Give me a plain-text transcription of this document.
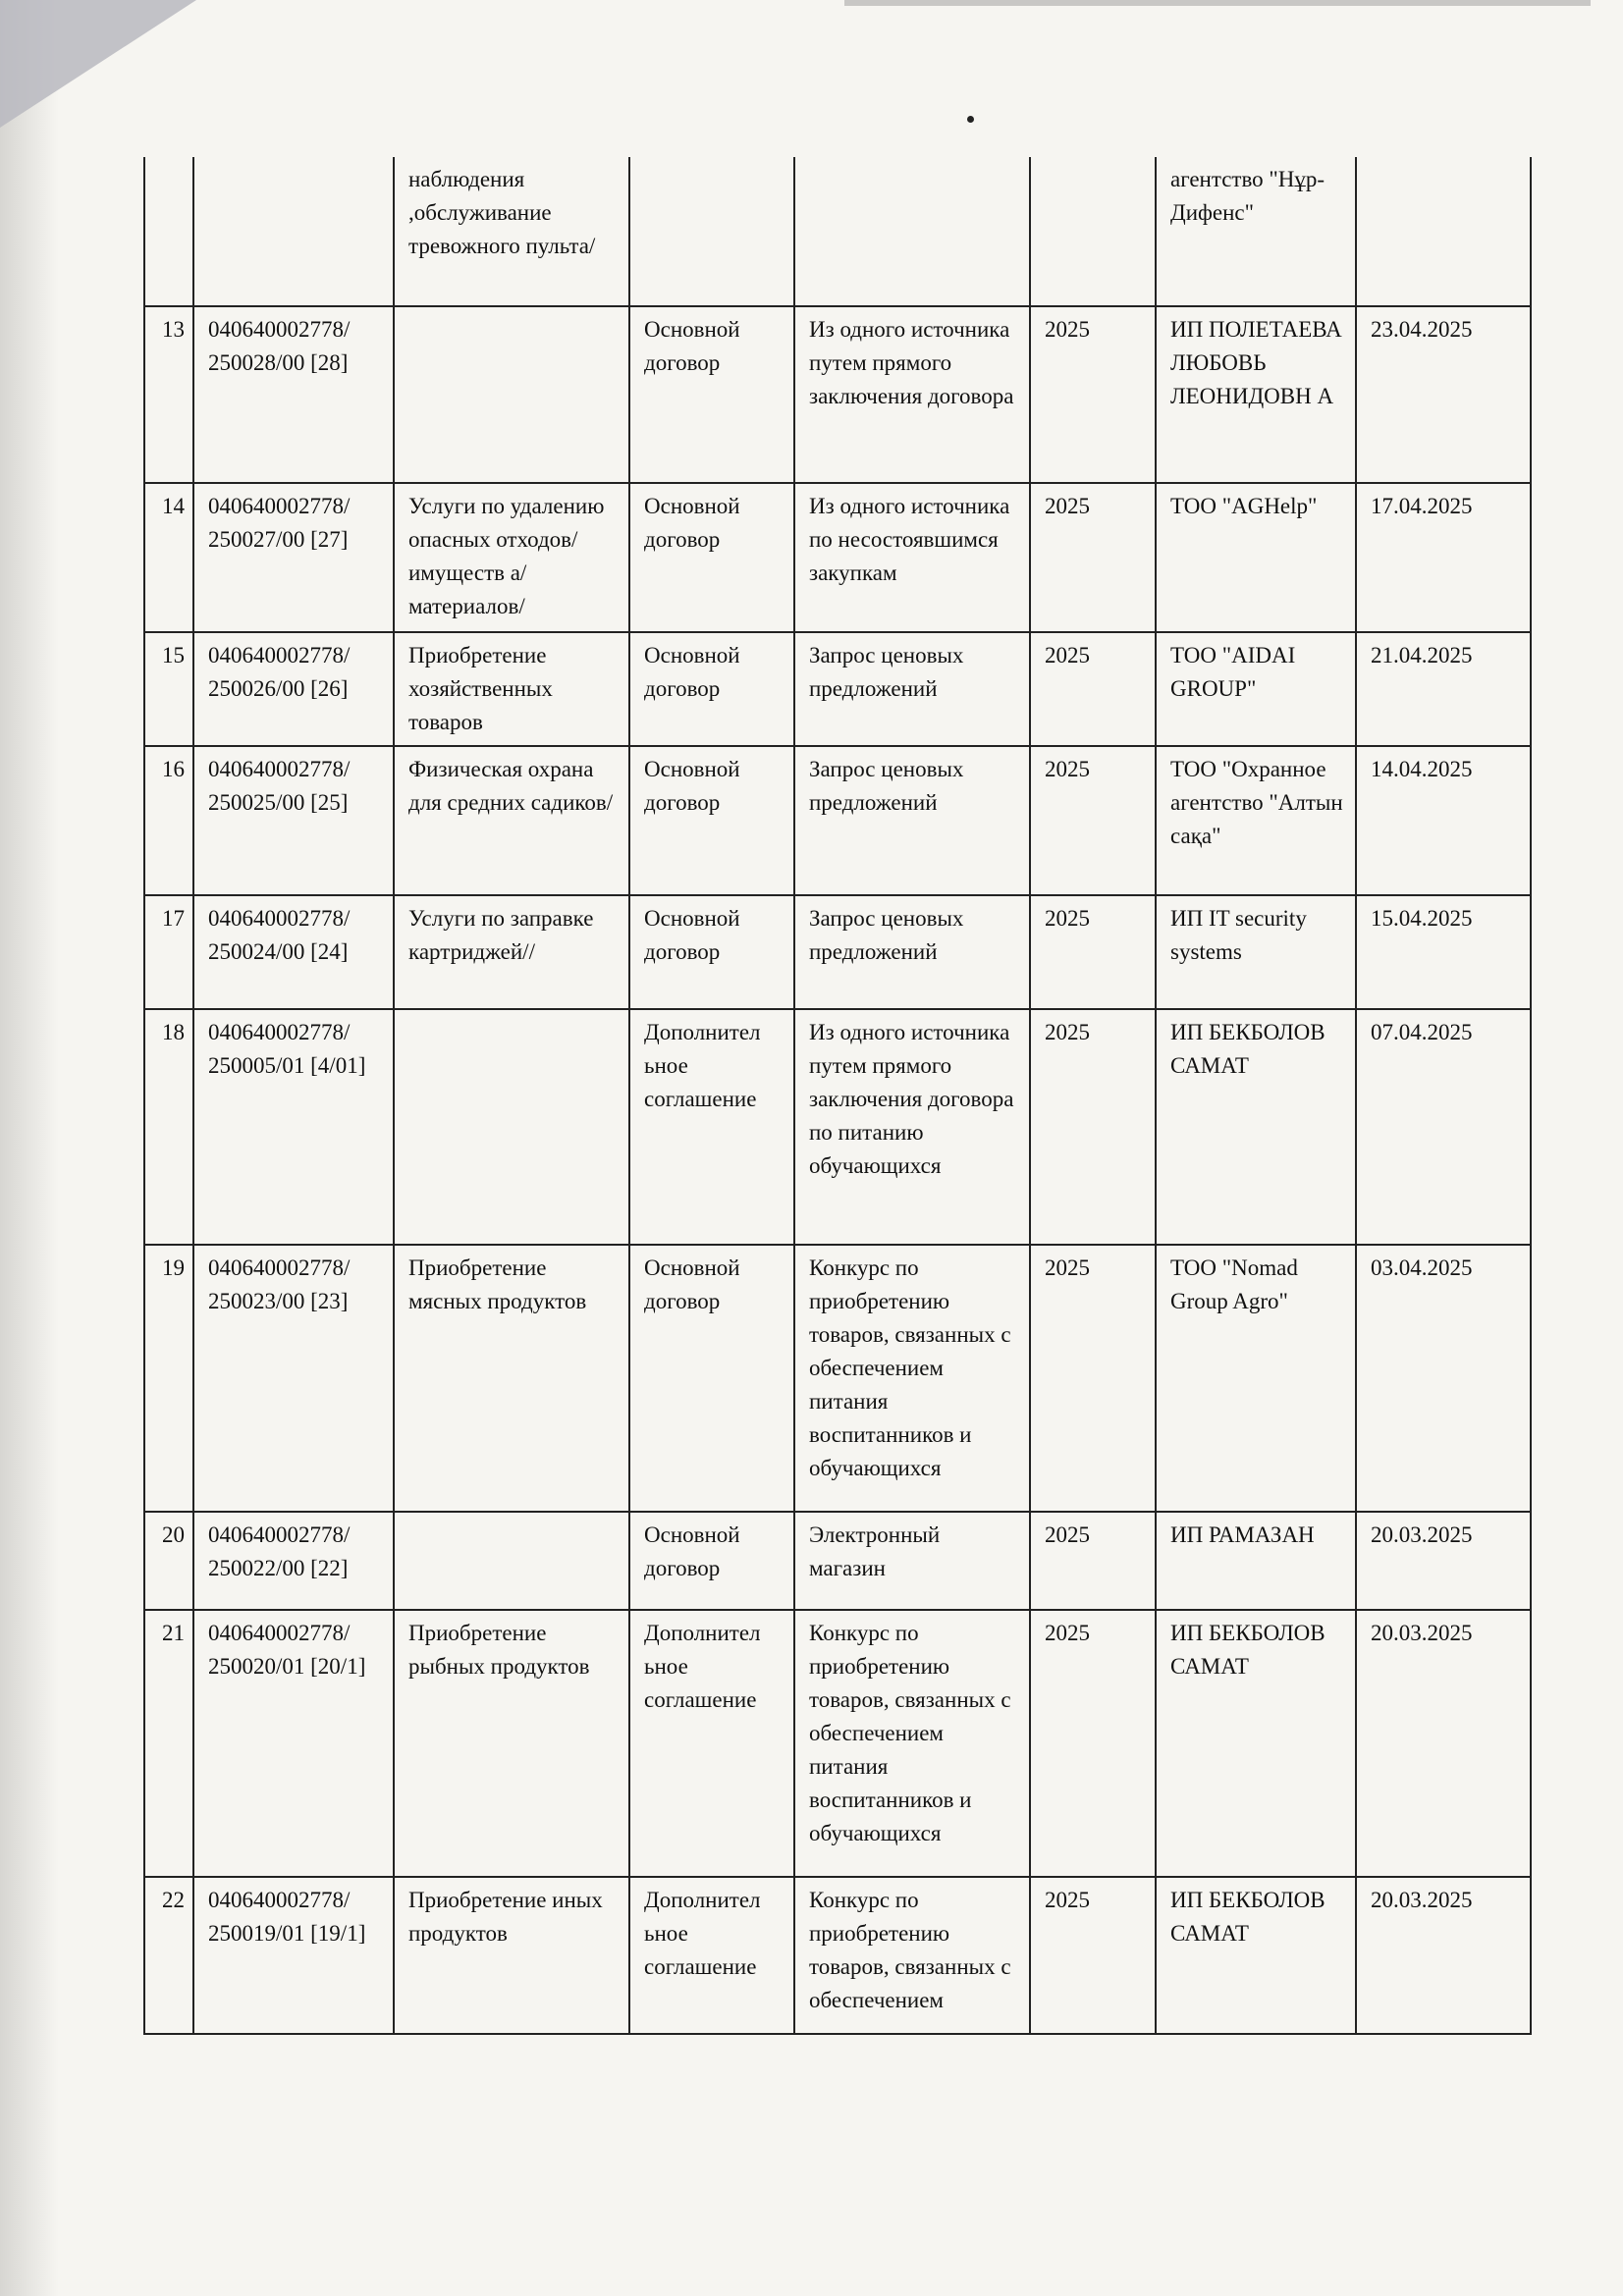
		наблюдения ,обслуживание тревожного пульта/				агентство "Нұр-Дифенс"	
13	040640002778/ 250028/00 [28]		Основной договор	Из одного источника путем прямого заключения договора	2025	ИП ПОЛЕТАЕВА ЛЮБОВЬ ЛЕОНИДОВН А	23.04.2025
14	040640002778/ 250027/00 [27]	Услуги по удалению опасных отходов/имуществ а/материалов/	Основной договор	Из одного источника по несостоявшимся закупкам	2025	ТОО "AGHelp"	17.04.2025
15	040640002778/ 250026/00 [26]	Приобретение хозяйственных товаров	Основной договор	Запрос ценовых предложений	2025	ТОО "AIDAI GROUP"	21.04.2025
16	040640002778/ 250025/00 [25]	Физическая охрана для средних садиков/	Основной договор	Запрос ценовых предложений	2025	ТОО "Охранное агентство "Алтын сақа"	14.04.2025
17	040640002778/ 250024/00 [24]	Услуги по заправке картриджей//	Основной договор	Запрос ценовых предложений	2025	ИП IT security systems	15.04.2025
18	040640002778/ 250005/01 [4/01]		Дополнител ьное соглашение	Из одного источника путем прямого заключения договора по питанию обучающихся	2025	ИП БЕКБОЛОВ САМАТ	07.04.2025
19	040640002778/ 250023/00 [23]	Приобретение мясных продуктов	Основной договор	Конкурс по приобретению товаров, связанных с обеспечением питания воспитанников и обучающихся	2025	ТОО "Nomad Group Agro"	03.04.2025
20	040640002778/ 250022/00 [22]		Основной договор	Электронный магазин	2025	ИП РАМАЗАН	20.03.2025
21	040640002778/ 250020/01 [20/1]	Приобретение рыбных продуктов	Дополнител ьное соглашение	Конкурс по приобретению товаров, связанных с обеспечением питания воспитанников и обучающихся	2025	ИП БЕКБОЛОВ САМАТ	20.03.2025
22	040640002778/ 250019/01 [19/1]	Приобретение иных продуктов	Дополнител ьное соглашение	Конкурс по приобретению товаров, связанных с обеспечением	2025	ИП БЕКБОЛОВ САМАТ	20.03.2025
